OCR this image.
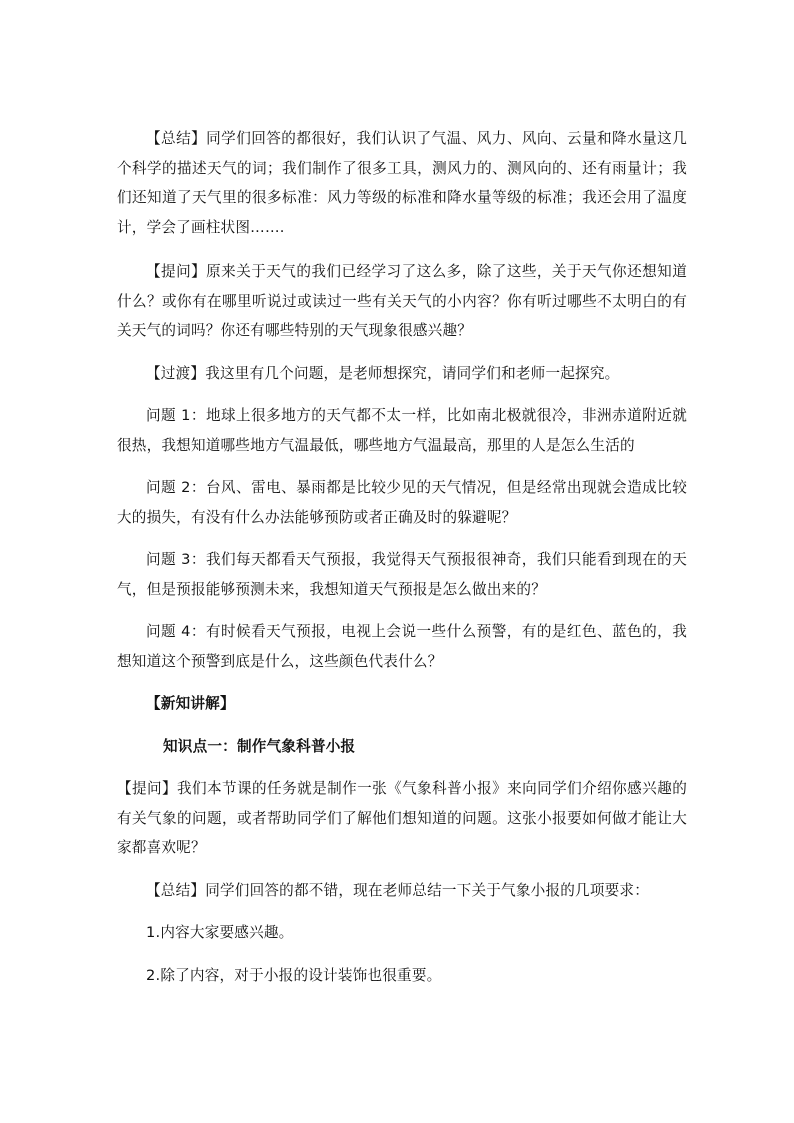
【总结】同学们回答的都很好，我们认识了气温、风力、风向、云量和降水量这几个科学的描述天气的词；我们制作了很多工具，测风力的、测风向的、还有雨量计；我们还知道了天气里的很多标准：风力等级的标准和降水量等级的标准；我还会用了温度计，学会了画柱状图…….

【提问】原来关于天气的我们已经学习了这么多，除了这些，关于天气你还想知道什么？或你有在哪里听说过或读过一些有关天气的小内容？你有听过哪些不太明白的有关天气的词吗？你还有哪些特别的天气现象很感兴趣？

【过渡】我这里有几个问题，是老师想探究，请同学们和老师一起探究。

问题 1：地球上很多地方的天气都不太一样，比如南北极就很冷，非洲赤道附近就很热，我想知道哪些地方气温最低，哪些地方气温最高，那里的人是怎么生活的

问题 2：台风、雷电、暴雨都是比较少见的天气情况，但是经常出现就会造成比较大的损失，有没有什么办法能够预防或者正确及时的躲避呢？

问题 3：我们每天都看天气预报，我觉得天气预报很神奇，我们只能看到现在的天气，但是预报能够预测未来，我想知道天气预报是怎么做出来的？

问题 4：有时候看天气预报，电视上会说一些什么预警，有的是红色、蓝色的，我想知道这个预警到底是什么，这些颜色代表什么？

【新知讲解】

知识点一：制作气象科普小报

【提问】我们本节课的任务就是制作一张《气象科普小报》来向同学们介绍你感兴趣的有关气象的问题，或者帮助同学们了解他们想知道的问题。这张小报要如何做才能让大家都喜欢呢？

【总结】同学们回答的都不错，现在老师总结一下关于气象小报的几项要求：

1.内容大家要感兴趣。

2.除了内容，对于小报的设计装饰也很重要。
